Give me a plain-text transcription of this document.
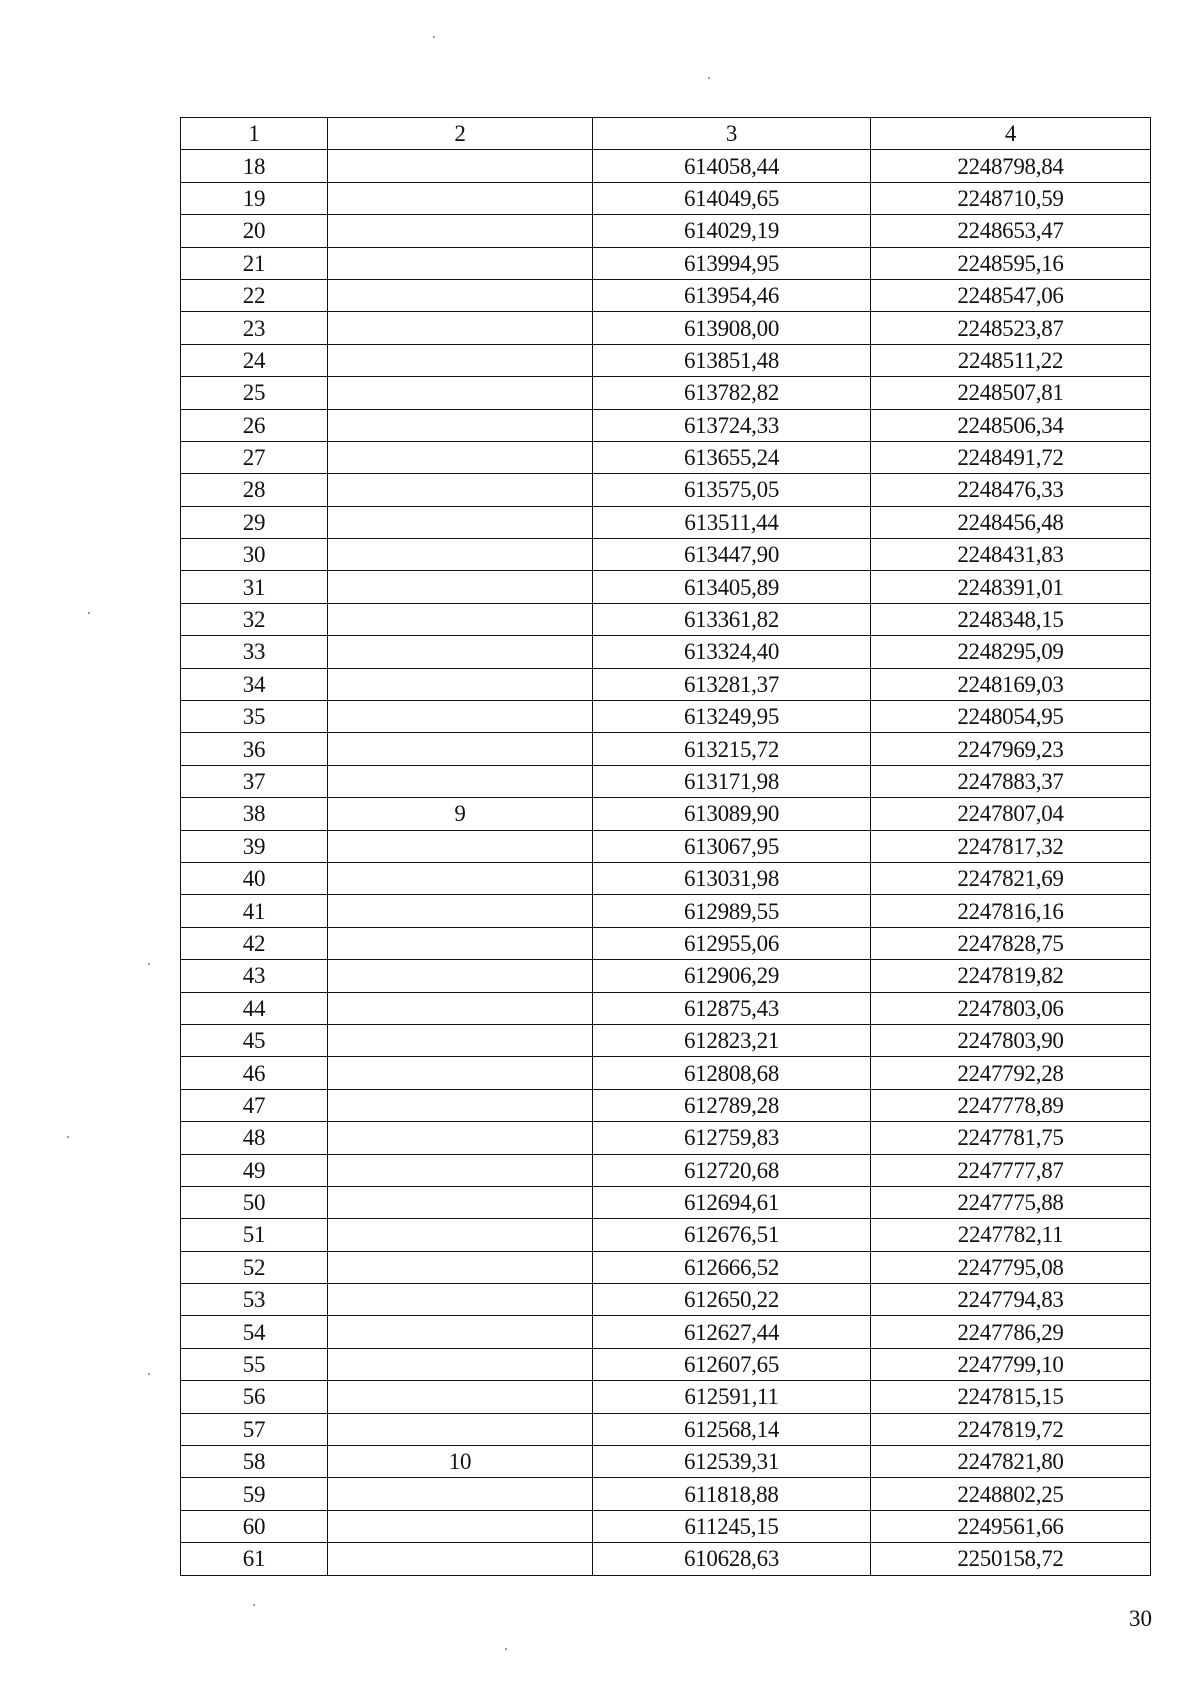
1	2	3	4
18		614058,44	2248798,84
19		614049,65	2248710,59
20		614029,19	2248653,47
21		613994,95	2248595,16
22		613954,46	2248547,06
23		613908,00	2248523,87
24		613851,48	2248511,22
25		613782,82	2248507,81
26		613724,33	2248506,34
27		613655,24	2248491,72
28		613575,05	2248476,33
29		613511,44	2248456,48
30		613447,90	2248431,83
31		613405,89	2248391,01
32		613361,82	2248348,15
33		613324,40	2248295,09
34		613281,37	2248169,03
35		613249,95	2248054,95
36		613215,72	2247969,23
37		613171,98	2247883,37
38	9	613089,90	2247807,04
39		613067,95	2247817,32
40		613031,98	2247821,69
41		612989,55	2247816,16
42		612955,06	2247828,75
43		612906,29	2247819,82
44		612875,43	2247803,06
45		612823,21	2247803,90
46		612808,68	2247792,28
47		612789,28	2247778,89
48		612759,83	2247781,75
49		612720,68	2247777,87
50		612694,61	2247775,88
51		612676,51	2247782,11
52		612666,52	2247795,08
53		612650,22	2247794,83
54		612627,44	2247786,29
55		612607,65	2247799,10
56		612591,11	2247815,15
57		612568,14	2247819,72
58	10	612539,31	2247821,80
59		611818,88	2248802,25
60		611245,15	2249561,66
61		610628,63	2250158,72
30
